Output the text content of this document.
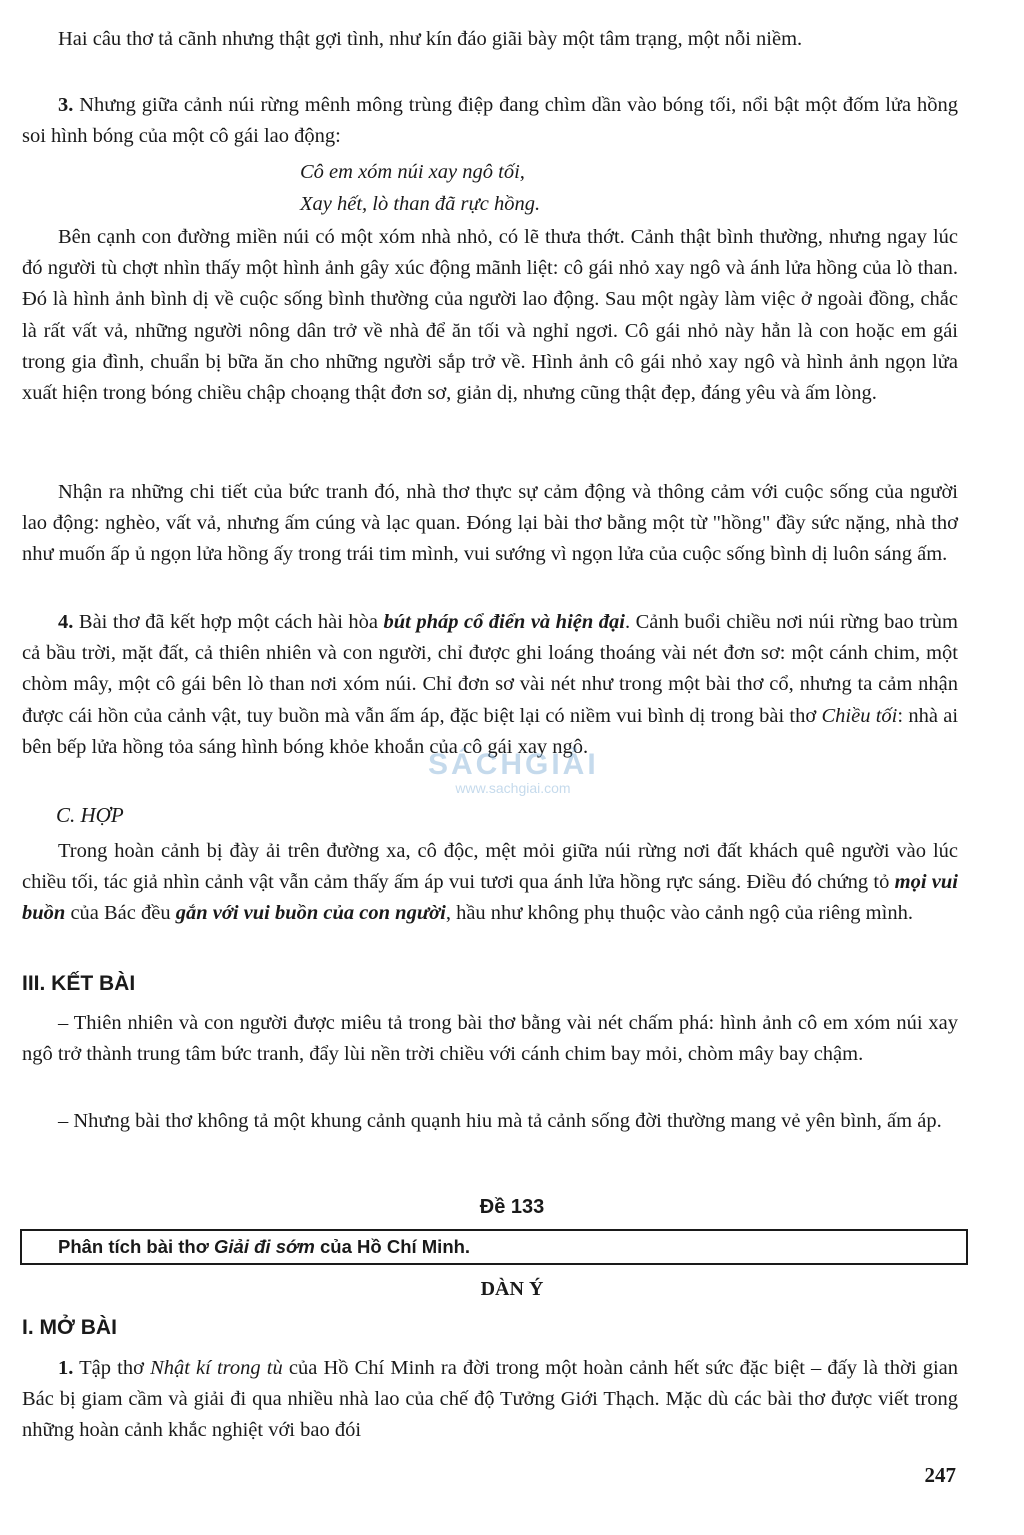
Hai câu thơ tả cãnh nhưng thật gợi tình, như kín đáo giãi bày một tâm trạng, một nỗi niềm.

3. Nhưng giữa cảnh núi rừng mênh mông trùng điệp đang chìm dần vào bóng tối, nổi bật một đốm lửa hồng soi hình bóng của một cô gái lao động:

Cô em xóm núi xay ngô tối,
Xay hết, lò than đã rực hồng.

Bên cạnh con đường miền núi có một xóm nhà nhỏ, có lẽ thưa thớt. Cảnh thật bình thường, nhưng ngay lúc đó người tù chợt nhìn thấy một hình ảnh gây xúc động mãnh liệt: cô gái nhỏ xay ngô và ánh lửa hồng của lò than. Đó là hình ảnh bình dị về cuộc sống bình thường của người lao động. Sau một ngày làm việc ở ngoài đồng, chắc là rất vất vả, những người nông dân trở về nhà để ăn tối và nghỉ ngơi. Cô gái nhỏ này hẳn là con hoặc em gái trong gia đình, chuẩn bị bữa ăn cho những người sắp trở về. Hình ảnh cô gái nhỏ xay ngô và hình ảnh ngọn lửa xuất hiện trong bóng chiều chập choạng thật đơn sơ, giản dị, nhưng cũng thật đẹp, đáng yêu và ấm lòng.

Nhận ra những chi tiết của bức tranh đó, nhà thơ thực sự cảm động và thông cảm với cuộc sống của người lao động: nghèo, vất vả, nhưng ấm cúng và lạc quan. Đóng lại bài thơ bằng một từ "hồng" đầy sức nặng, nhà thơ như muốn ấp ủ ngọn lửa hồng ấy trong trái tim mình, vui sướng vì ngọn lửa của cuộc sống bình dị luôn sáng ấm.

4. Bài thơ đã kết hợp một cách hài hòa bút pháp cổ điển và hiện đại. Cảnh buổi chiều nơi núi rừng bao trùm cả bầu trời, mặt đất, cả thiên nhiên và con người, chỉ được ghi loáng thoáng vài nét đơn sơ: một cánh chim, một chòm mây, một cô gái bên lò than nơi xóm núi. Chỉ đơn sơ vài nét như trong một bài thơ cổ, nhưng ta cảm nhận được cái hồn của cảnh vật, tuy buồn mà vẫn ấm áp, đặc biệt lại có niềm vui bình dị trong bài thơ Chiều tối: nhà ai bên bếp lửa hồng tỏa sáng hình bóng khỏe khoắn của cô gái xay ngô.

C. HỢP

Trong hoàn cảnh bị đày ải trên đường xa, cô độc, mệt mỏi giữa núi rừng nơi đất khách quê người vào lúc chiều tối, tác giả nhìn cảnh vật vẫn cảm thấy ấm áp vui tươi qua ánh lửa hồng rực sáng. Điều đó chứng tỏ mọi vui buồn của Bác đều gắn với vui buồn của con người, hầu như không phụ thuộc vào cảnh ngộ của riêng mình.

III. KẾT BÀI

– Thiên nhiên và con người được miêu tả trong bài thơ bằng vài nét chấm phá: hình ảnh cô em xóm núi xay ngô trở thành trung tâm bức tranh, đẩy lùi nền trời chiều với cánh chim bay mỏi, chòm mây bay chậm.

– Nhưng bài thơ không tả một khung cảnh quạnh hiu mà tả cảnh sống đời thường mang vẻ yên bình, ấm áp.

Đề 133
Phân tích bài thơ Giải đi sớm của Hồ Chí Minh.
DÀN Ý
I. MỞ BÀI

1. Tập thơ Nhật kí trong tù của Hồ Chí Minh ra đời trong một hoàn cảnh hết sức đặc biệt – đấy là thời gian Bác bị giam cầm và giải đi qua nhiều nhà lao của chế độ Tưởng Giới Thạch. Mặc dù các bài thơ được viết trong những hoàn cảnh khắc nghiệt với bao đói

247
SÁCHGIẢI
www.sachgiai.com
